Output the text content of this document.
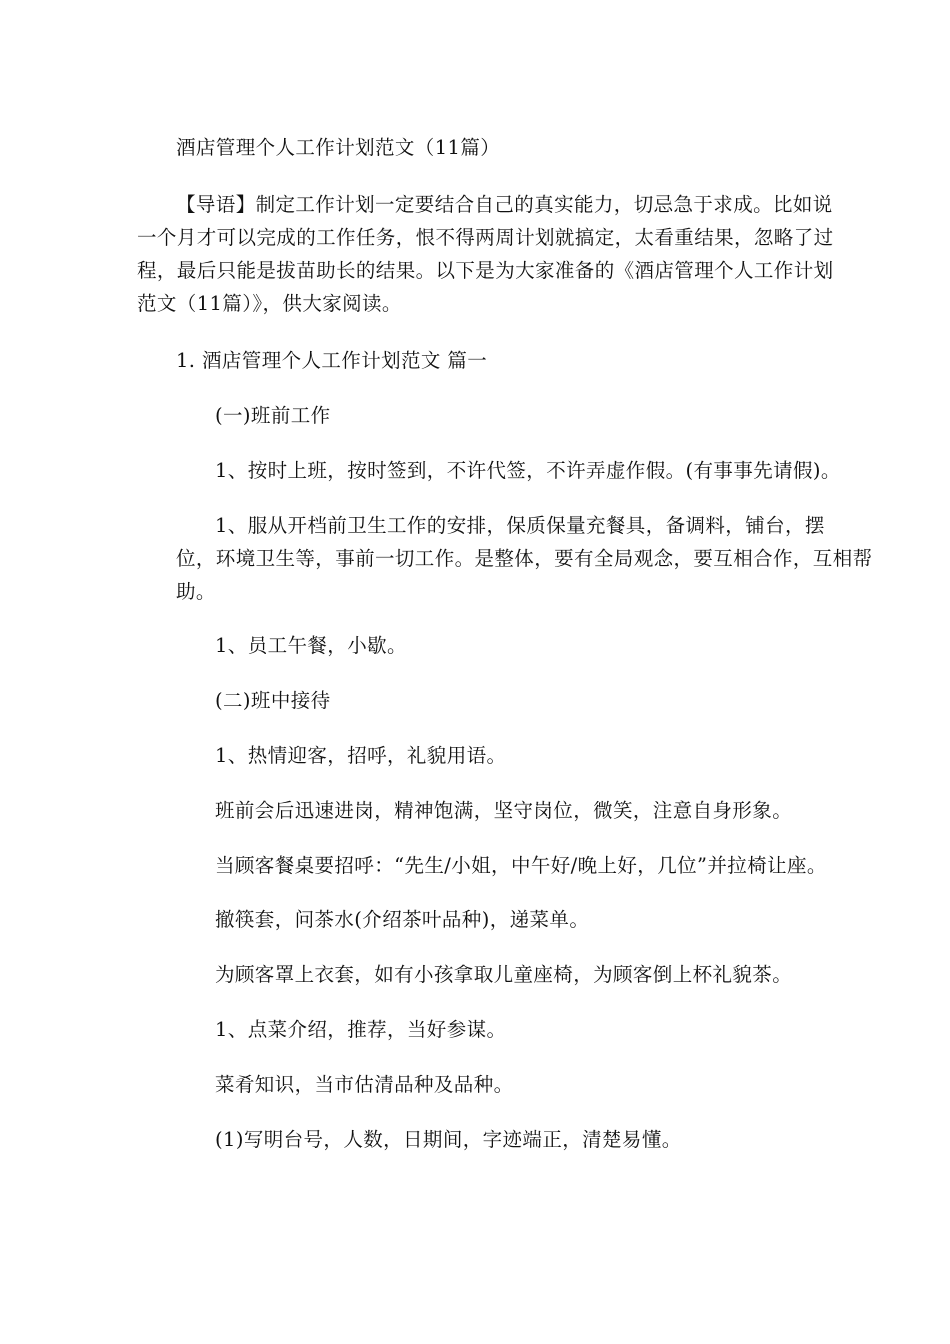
酒店管理个人工作计划范文（11篇）
【导语】制定工作计划一定要结合自己的真实能力，切忌急于求成。比如说
一个月才可以完成的工作任务，恨不得两周计划就搞定，太看重结果，忽略了过
程，最后只能是拔苗助长的结果。以下是为大家准备的《酒店管理个人工作计划
范文（11篇）》，供大家阅读。
1. 酒店管理个人工作计划范文 篇一
(一)班前工作
1、按时上班，按时签到，不许代签，不许弄虚作假。(有事事先请假)。
1、服从开档前卫生工作的安排，保质保量充餐具，备调料，铺台，摆
位，环境卫生等，事前一切工作。是整体，要有全局观念，要互相合作，互相帮
助。
1、员工午餐，小歇。
(二)班中接待
1、热情迎客，招呼，礼貌用语。
班前会后迅速进岗，精神饱满，坚守岗位，微笑，注意自身形象。
当顾客餐桌要招呼：“先生/小姐，中午好/晚上好，几位”并拉椅让座。
撤筷套，问茶水(介绍茶叶品种)，递菜单。
为顾客罩上衣套，如有小孩拿取儿童座椅，为顾客倒上杯礼貌茶。
1、点菜介绍，推荐，当好参谋。
菜肴知识，当市估清品种及品种。
(1)写明台号，人数，日期间，字迹端正，清楚易懂。
